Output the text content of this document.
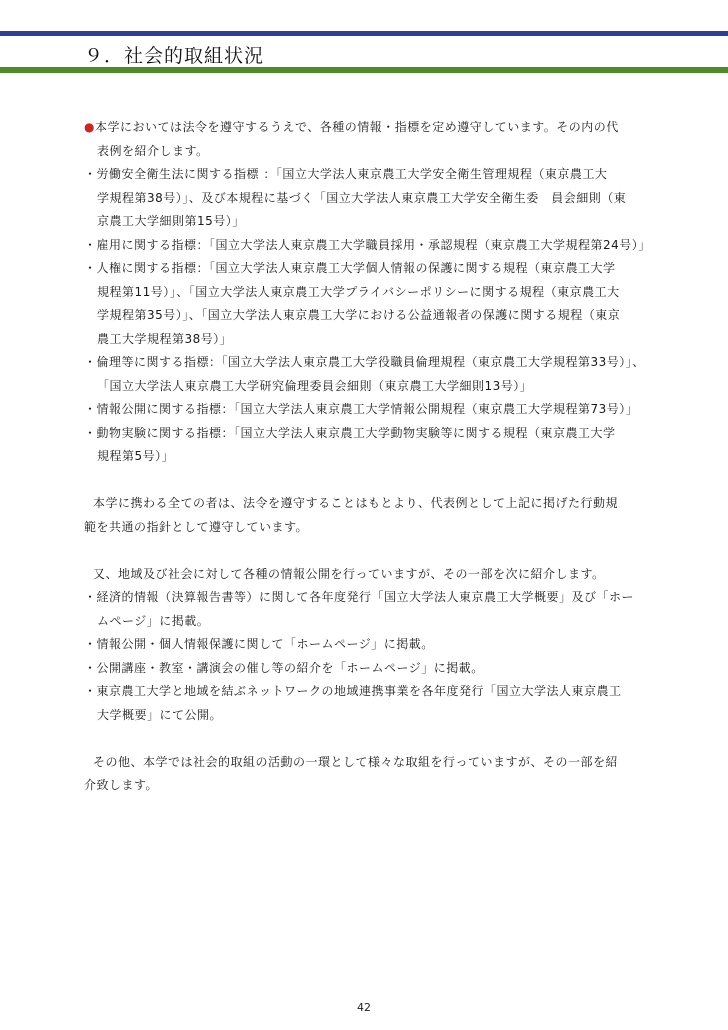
９．社会的取組状況
●本学においては法令を遵守するうえで、各種の情報・指標を定め遵守しています。その内の代
表例を紹介します。
・労働安全衛生法に関する指標 ：「国立大学法人東京農工大学安全衛生管理規程（東京農工大
学規程第38号）」、及び本規程に基づく「国立大学法人東京農工大学安全衛生委　員会細則（東
京農工大学細則第15号）」
・雇用に関する指標：「国立大学法人東京農工大学職員採用・承認規程（東京農工大学規程第24号）」
・人権に関する指標：「国立大学法人東京農工大学個人情報の保護に関する規程（東京農工大学
規程第11号）」、「国立大学法人東京農工大学プライバシーポリシーに関する規程（東京農工大
学規程第35号）」、「国立大学法人東京農工大学における公益通報者の保護に関する規程（東京
農工大学規程第38号）」
・倫理等に関する指標：「国立大学法人東京農工大学役職員倫理規程（東京農工大学規程第33号）」、
「国立大学法人東京農工大学研究倫理委員会細則（東京農工大学細則13号）」
・情報公開に関する指標：「国立大学法人東京農工大学情報公開規程（東京農工大学規程第73号）」
・動物実験に関する指標：「国立大学法人東京農工大学動物実験等に関する規程（東京農工大学
規程第5号）」
本学に携わる全ての者は、法令を遵守することはもとより、代表例として上記に掲げた行動規
範を共通の指針として遵守しています。
又、地域及び社会に対して各種の情報公開を行っていますが、その一部を次に紹介します。
・経済的情報（決算報告書等）に関して各年度発行「国立大学法人東京農工大学概要」及び「ホー
ムページ」に掲載。
・情報公開・個人情報保護に関して「ホームページ」に掲載。
・公開講座・教室・講演会の催し等の紹介を「ホームページ」に掲載。
・東京農工大学と地域を結ぶネットワークの地域連携事業を各年度発行「国立大学法人東京農工
大学概要」にて公開。
その他、本学では社会的取組の活動の一環として様々な取組を行っていますが、その一部を紹
介致します。
42
